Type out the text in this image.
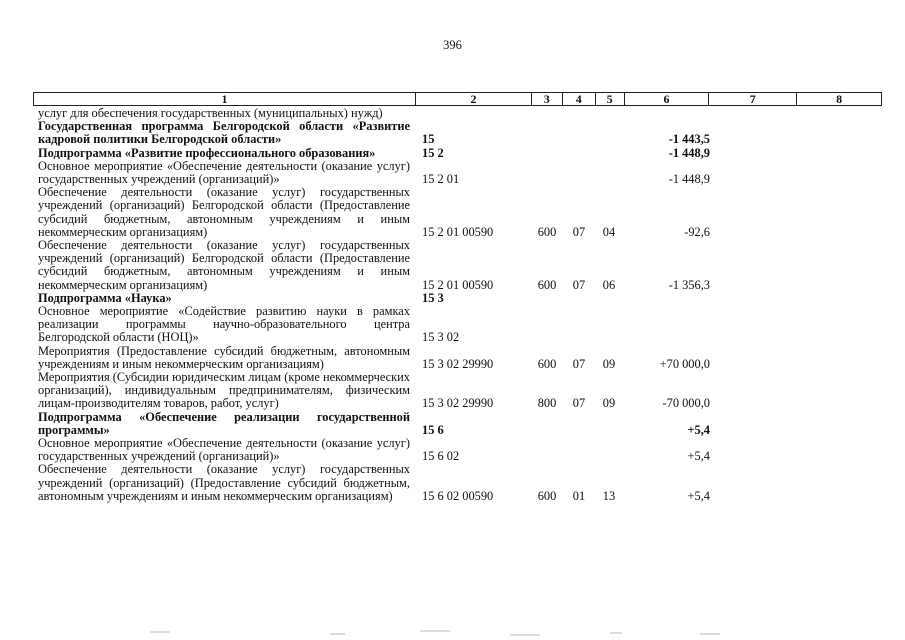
396
1	2	3	4	5	6	7	8
услуг для обеспечения государственных (муниципальных) нужд)
Государственная программа Белгородской области «Развитие кадровой политики Белгородской области»	15	-1 443,5
Подпрограмма «Развитие профессионального образования»	15 2	-1 448,9
Основное мероприятие «Обеспечение деятельности (оказание услуг) государственных учреждений (организаций)»	15 2 01	-1 448,9
Обеспечение деятельности (оказание услуг) государственных учреждений (организаций) Белгородской области (Предоставление субсидий бюджетным, автономным учреждениям и иным некоммерческим организациям)	15 2 01 00590	600	07	04	-92,6
Обеспечение деятельности (оказание услуг) государственных учреждений (организаций) Белгородской области (Предоставление субсидий бюджетным, автономным учреждениям и иным некоммерческим организациям)	15 2 01 00590	600	07	06	-1 356,3
Подпрограмма «Наука»	15 3
Основное мероприятие «Содействие развитию науки в рамках реализации программы научно-образовательного центра Белгородской области (НОЦ)»	15 3 02
Мероприятия (Предоставление субсидий бюджетным, автономным учреждениям и иным некоммерческим организациям)	15 3 02 29990	600	07	09	+70 000,0
Мероприятия (Субсидии юридическим лицам (кроме некоммерческих организаций), индивидуальным предпринимателям, физическим лицам-производителям товаров, работ, услуг)	15 3 02 29990	800	07	09	-70 000,0
Подпрограмма «Обеспечение реализации государственной программы»	15 6	+5,4
Основное мероприятие «Обеспечение деятельности (оказание услуг) государственных учреждений (организаций)»	15 6 02	+5,4
Обеспечение деятельности (оказание услуг) государственных учреждений (организаций) (Предоставление субсидий бюджетным, автономным учреждениям и иным некоммерческим организациям)	15 6 02 00590	600	01	13	+5,4
